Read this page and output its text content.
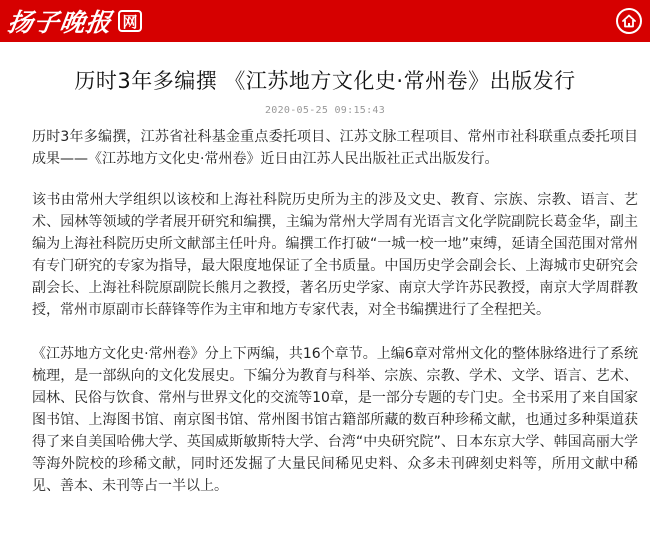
扬子晚报 网
历时3年多编撰 《江苏地方文化史·常州卷》出版发行
2020-05-25 09:15:43

历时3年多编撰，江苏省社科基金重点委托项目、江苏文脉工程项目、常州市社科联重点委托项目成果——《江苏地方文化史·常州卷》近日由江苏人民出版社正式出版发行。

该书由常州大学组织以该校和上海社科院历史所为主的涉及文史、教育、宗族、宗教、语言、艺术、园林等领域的学者展开研究和编撰，主编为常州大学周有光语言文化学院副院长葛金华，副主编为上海社科院历史所文献部主任叶舟。编撰工作打破“一城一校一地”束缚，延请全国范围对常州有专门研究的专家为指导，最大限度地保证了全书质量。中国历史学会副会长、上海城市史研究会副会长、上海社科院原副院长熊月之教授，著名历史学家、南京大学许苏民教授，南京大学周群教授，常州市原副市长薛锋等作为主审和地方专家代表，对全书编撰进行了全程把关。

《江苏地方文化史·常州卷》分上下两编，共16个章节。上编6章对常州文化的整体脉络进行了系统梳理，是一部纵向的文化发展史。下编分为教育与科举、宗族、宗教、学术、文学、语言、艺术、园林、民俗与饮食、常州与世界文化的交流等10章，是一部分专题的专门史。全书采用了来自国家图书馆、上海图书馆、南京图书馆、常州图书馆古籍部所藏的数百种珍稀文献，也通过多种渠道获得了来自美国哈佛大学、英国威斯敏斯特大学、台湾“中央研究院”、日本东京大学、韩国高丽大学等海外院校的珍稀文献，同时还发掘了大量民间稀见史料、众多未刊碑刻史料等，所用文献中稀见、善本、未刊等占一半以上。
